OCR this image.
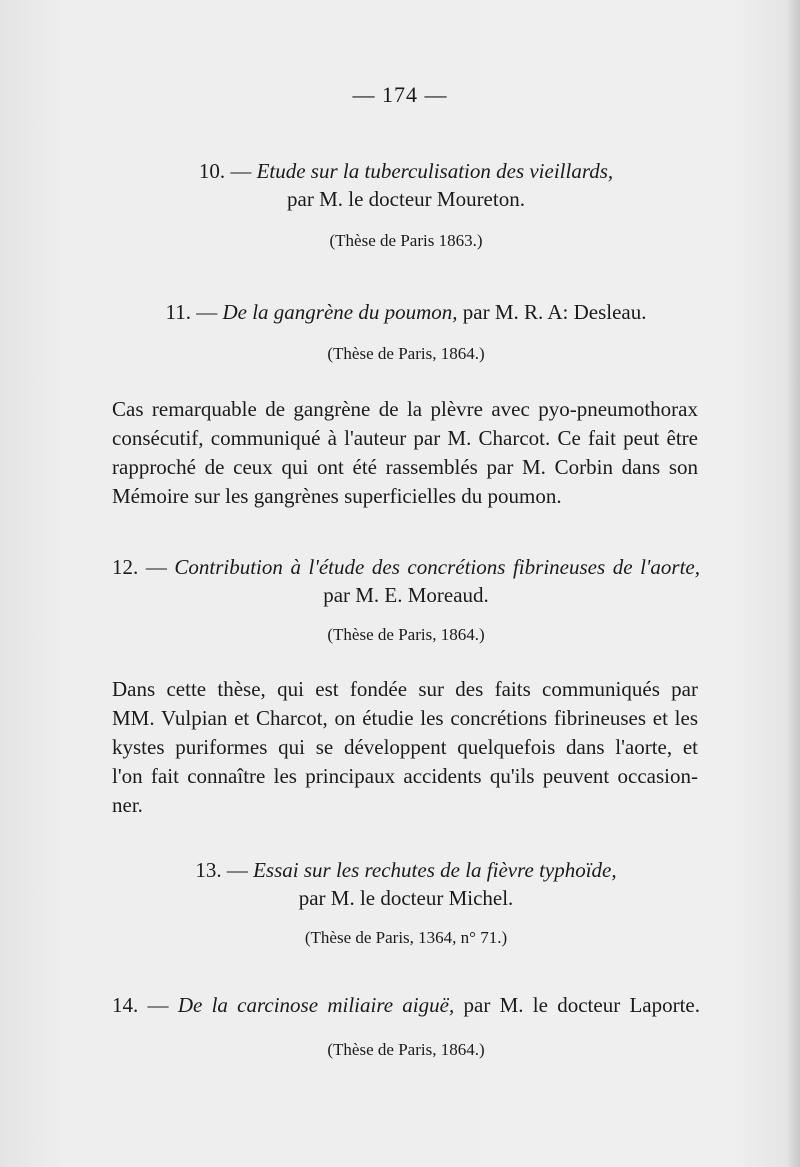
— 174 —
10. — Etude sur la tuberculisation des vieillards,
par M. le docteur Moureton.
(Thèse de Paris 1863.)
11. — De la gangrène du poumon, par M. R. A: Desleau.
(Thèse de Paris, 1864.)
Cas remarquable de gangrène de la plèvre avec pyo-pneumothorax
consécutif, communiqué à l'auteur par M. Charcot. Ce fait peut être
rapproché de ceux qui ont été rassemblés par M. Corbin dans son
Mémoire sur les gangrènes superficielles du poumon.
12. — Contribution à l'étude des concrétions fibrineuses de l'aorte,
par M. E. Moreaud.
(Thèse de Paris, 1864.)
Dans cette thèse, qui est fondée sur des faits communiqués par
MM. Vulpian et Charcot, on étudie les concrétions fibrineuses et les
kystes puriformes qui se développent quelquefois dans l'aorte, et
l'on fait connaître les principaux accidents qu'ils peuvent occasion-
ner.
13. — Essai sur les rechutes de la fièvre typhoïde,
par M. le docteur Michel.
(Thèse de Paris, 1364, n° 71.)
14. — De la carcinose miliaire aiguë, par M. le docteur Laporte.
(Thèse de Paris, 1864.)
